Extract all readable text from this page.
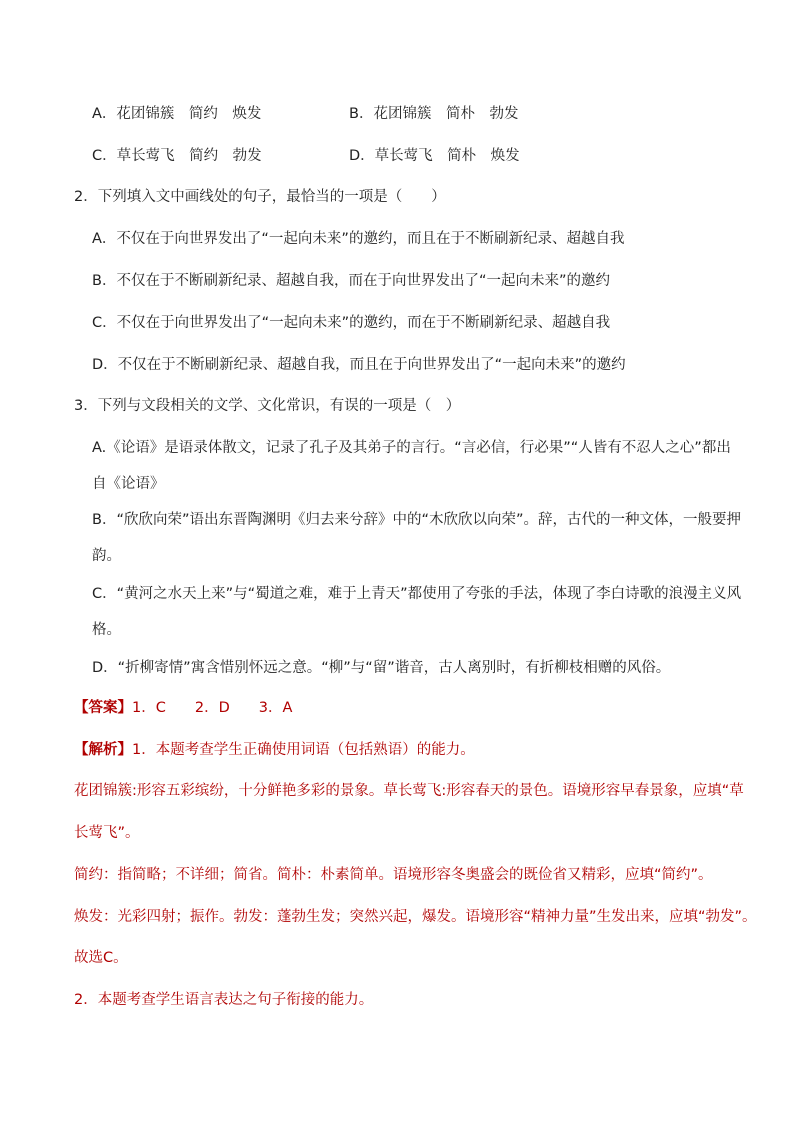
A．花团锦簇　简约　焕发	B．花团锦簇　简朴　勃发
C．草长莺飞　简约　勃发	D．草长莺飞　简朴　焕发
2．下列填入文中画线处的句子，最恰当的一项是（　　）
A．不仅在于向世界发出了“一起向未来”的邀约，而且在于不断刷新纪录、超越自我
B．不仅在于不断刷新纪录、超越自我，而在于向世界发出了“一起向未来”的邀约
C．不仅在于向世界发出了“一起向未来”的邀约，而在于不断刷新纪录、超越自我
D．不仅在于不断刷新纪录、超越自我，而且在于向世界发出了“一起向未来”的邀约
3．下列与文段相关的文学、文化常识，有误的一项是（　）
A.《论语》是语录体散文，记录了孔子及其弟子的言行。“言必信，行必果”“人皆有不忍人之心”都出
自《论语》
B．“欣欣向荣”语出东晋陶渊明《归去来兮辞》中的“木欣欣以向荣”。辞，古代的一种文体，一般要押
韵。
C．“黄河之水天上来”与“蜀道之难，难于上青天”都使用了夸张的手法，体现了李白诗歌的浪漫主义风
格。
D．“折柳寄情”寓含惜别怀远之意。“柳”与“留”谐音，古人离别时，有折柳枝相赠的风俗。
【答案】1．C　　2．D　　3．A
【解析】1．本题考查学生正确使用词语（包括熟语）的能力。
花团锦簇:形容五彩缤纷，十分鲜艳多彩的景象。草长莺飞:形容春天的景色。语境形容早春景象，应填“草
长莺飞”。
简约：指简略；不详细；简省。简朴：朴素简单。语境形容冬奥盛会的既俭省又精彩，应填“简约”。
焕发：光彩四射；振作。勃发：蓬勃生发；突然兴起，爆发。语境形容“精神力量”生发出来，应填“勃发”。
故选C。
2．本题考查学生语言表达之句子衔接的能力。
